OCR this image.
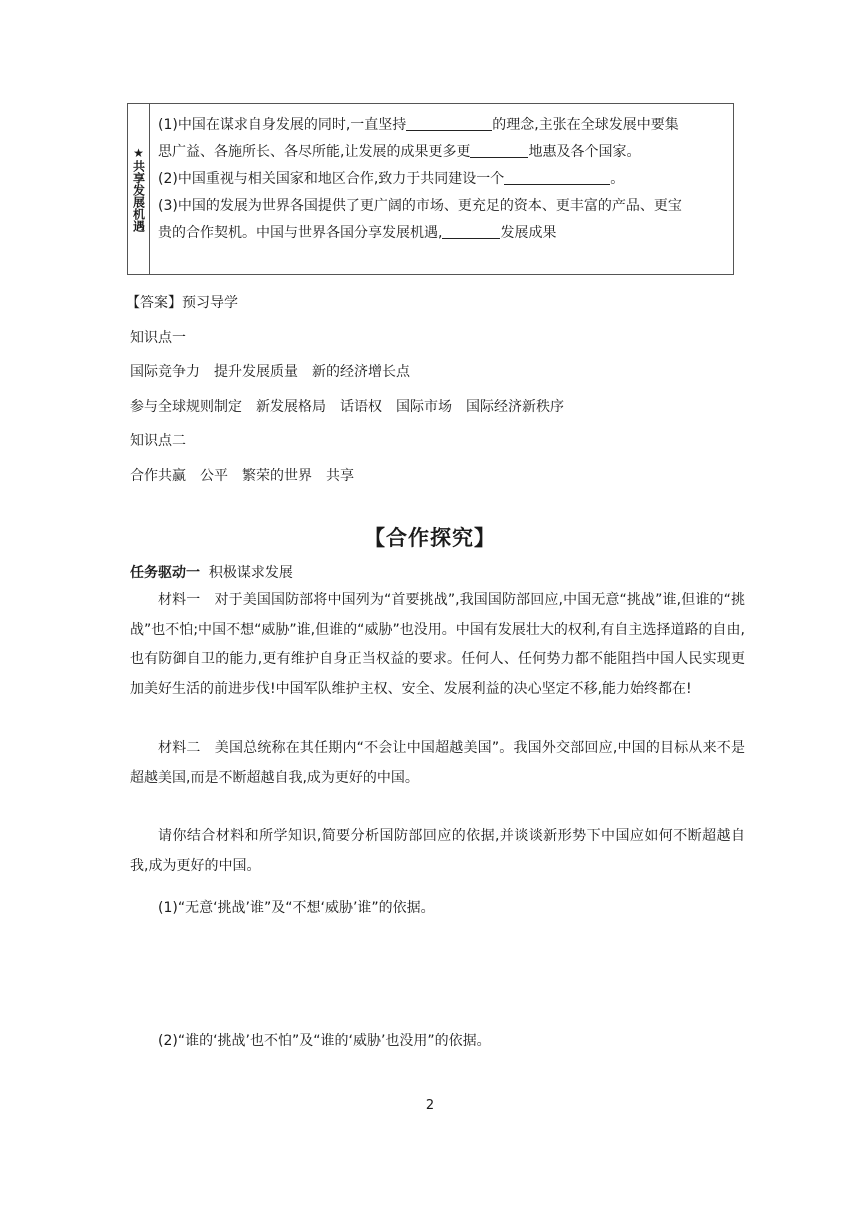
★共享发展机遇

(1)中国在谋求自身发展的同时,一直坚持	的理念,主张在全球发展中要集

思广益、各施所长、各尽所能,让发展的成果更多更	地惠及各个国家。

(2)中国重视与相关国家和地区合作,致力于共同建设一个	。

(3)中国的发展为世界各国提供了更广阔的市场、更充足的资本、更丰富的产品、更宝

贵的合作契机。中国与世界各国分享发展机遇,	发展成果

【答案】预习导学

知识点一

国际竞争力　提升发展质量　新的经济增长点

参与全球规则制定　新发展格局　话语权　国际市场　国际经济新秩序

知识点二

合作共赢　公平　繁荣的世界　共享

【合作探究】
任务驱动一 积极谋求发展

材料一　对于美国国防部将中国列为“首要挑战”,我国国防部回应,中国无意“挑战”谁,但谁的“挑战”也不怕;中国不想“威胁”谁,但谁的“威胁”也没用。中国有发展壮大的权利,有自主选择道路的自由,也有防御自卫的能力,更有维护自身正当权益的要求。任何人、任何势力都不能阻挡中国人民实现更加美好生活的前进步伐!中国军队维护主权、安全、发展利益的决心坚定不移,能力始终都在!

材料二　美国总统称在其任期内“不会让中国超越美国”。我国外交部回应,中国的目标从来不是超越美国,而是不断超越自我,成为更好的中国。

请你结合材料和所学知识,简要分析国防部回应的依据,并谈谈新形势下中国应如何不断超越自我,成为更好的中国。

(1)“无意‘挑战’谁”及“不想‘威胁’谁”的依据。
(2)“谁的‘挑战’也不怕”及“谁的‘威胁’也没用”的依据。
2
